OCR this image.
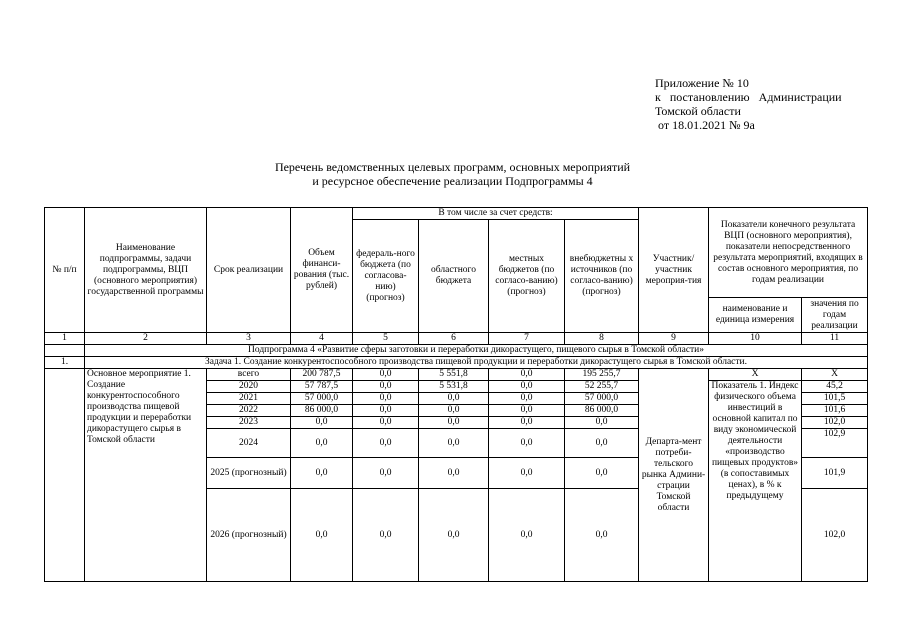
Приложение № 10
к   постановлению   Администрации
Томской области
от 18.01.2021 № 9а
Перечень ведомственных целевых программ, основных мероприятий
и ресурсное обеспечение реализации Подпрограммы 4
№ п/п	Наименование подпрограммы, задачи подпрограммы, ВЦП (основного мероприятия) государственной программы	Срок реализации	Объем финанси-рования (тыс. рублей)	В том числе за счет средств:				Участник/ участник мероприя-тия	Показатели конечного результата ВЦП (основного мероприятия), показатели непосредственного результата мероприятий, входящих в состав основного мероприятия, по годам реализации	
				федераль-ного бюджета (по согласова-нию) (прогноз)	областного бюджета	местных бюджетов (по согласо-ванию) (прогноз)	внебюджетны х источников (по согласо-ванию) (прогноз)			
									наименование и единица измерения	значения по годам реализации
1	2	3	4	5	6	7	8	9	10	11
	Подпрограмма 4 «Развитие сферы заготовки и переработки дикорастущего, пищевого сырья в Томской области»									
1.	Задача 1. Создание конкурентоспособного производства пищевой продукции и переработки дикорастущего сырья в Томской области.									
	Основное мероприятие 1. Создание конкурентоспособного производства пищевой продукции и переработки дикорастущего сырья в Томской области	всего	200 787,5	0,0	5 551,8	0,0	195 255,7	Департа-мент потреби-тельского рынка Админи-страции Томской области	Х	Х
		2020	57 787,5	0,0	5 531,8	0,0	52 255,7		Показатель 1. Индекс физического объема инвестиций в основной капитал по виду экономической деятельности «производство пищевых продуктов» (в сопоставимых ценах), в % к предыдущему	45,2
		2021	57 000,0	0,0	0,0	0,0	57 000,0			101,5
		2022	86 000,0	0,0	0,0	0,0	86 000,0			101,6
		2023	0,0	0,0	0,0	0,0	0,0			102,0
		2024	0,0	0,0	0,0	0,0	0,0			102,9
		2025 (прогнозный)	0,0	0,0	0,0	0,0	0,0			101,9
		2026 (прогнозный)	0,0	0,0	0,0	0,0	0,0			102,0
